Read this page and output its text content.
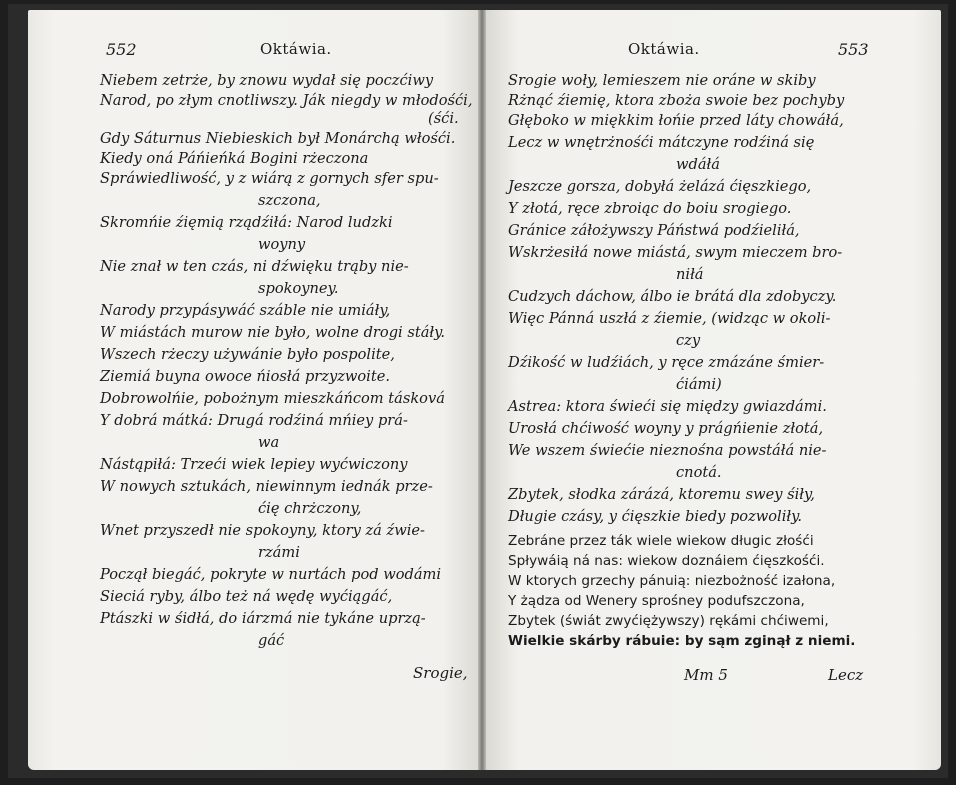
552	Oktáwia.
Niebem zetrże, by znowu wydał się poczćiwy
Narod, po złym cnotliwszy. Ják niegdy w młodośći,
(śći.
Gdy Sáturnus Niebieskich był Monárchą włośći.
Kiedy oná Páńieńká Bogini rżeczona
Spráwiedliwość, y z wiárą z gornych sfer spu-
szczona,
Skromńie źięmią rządźiłá: Narod ludzki
woyny
Nie znał w ten czás, ni dźwięku trąby nie-
spokoyney.
Narody przypásywáć száble nie umiáły,
W miástách murow nie było, wolne drogi stáły.
Wszech rżeczy używánie było pospolite,
Ziemiá buyna owoce ńiosłá przyzwoite.
Dobrowolńie, pobożnym mieszkáńcom tásková
Y dobrá mátká: Drugá rodźiná mńiey prá-
wa
Nástąpiłá: Trzeći wiek lepiey wyćwiczony
W nowych sztukách, niewinnym iednák prze-
ćię chrżczony,
Wnet przyszedł nie spokoyny, ktory zá źwie-
rzámi
Począł biegáć, pokryte w nurtách pod wodámi
Sieciá ryby, álbo też ná wędę wyćiągáć,
Ptászki w śidłá, do iárzmá nie tykáne uprzą-
gáć
Srogie,
Oktáwia.	553
Srogie woły, lemieszem nie oráne w skiby
Rżnąć źiemię, ktora zboża swoie bez pochyby
Głęboko w miękkim łońie przed láty chowáłá,
Lecz w wnętrżnośći mátczyne rodźiná się
wdáłá
Jeszcze gorsza, dobyłá żelázá ćięszkiego,
Y złotá, ręce zbroiąc do boiu srogiego.
Gránice záłożywszy Páństwá podźieliłá,
Wskrżesiłá nowe miástá, swym mieczem bro-
niłá
Cudzych dáchow, álbo ie brátá dla zdobyczy.
Więc Pánná uszłá z źiemie, (widząc w okoli-
czy
Dźikość w ludźiách, y ręce zmázáne śmier-
ćiámi)
Astrea: ktora świeći się między gwiazdámi.
Urosłá chćiwość woyny y prágńienie złotá,
We wszem świećie nieznośna powstáłá nie-
cnotá.
Zbytek, słodka zárázá, ktoremu swey śiły,
Długie czásy, y ćięszkie biedy pozwoliły.
Zebráne przez ták wiele wiekow długic złośći
Spływáią ná nas: wiekow doznáiem ćięszkośći.
W ktorych grzechy pánuią: niezbożność izałona,
Y żądza od Wenery sprośney podufszczona,
Zbytek (świát zwyćiężywszy) rękámi chćiwemi,
Wielkie skárby rábuie: by sąm zginął z niemi.
Mm 5	Lecz
